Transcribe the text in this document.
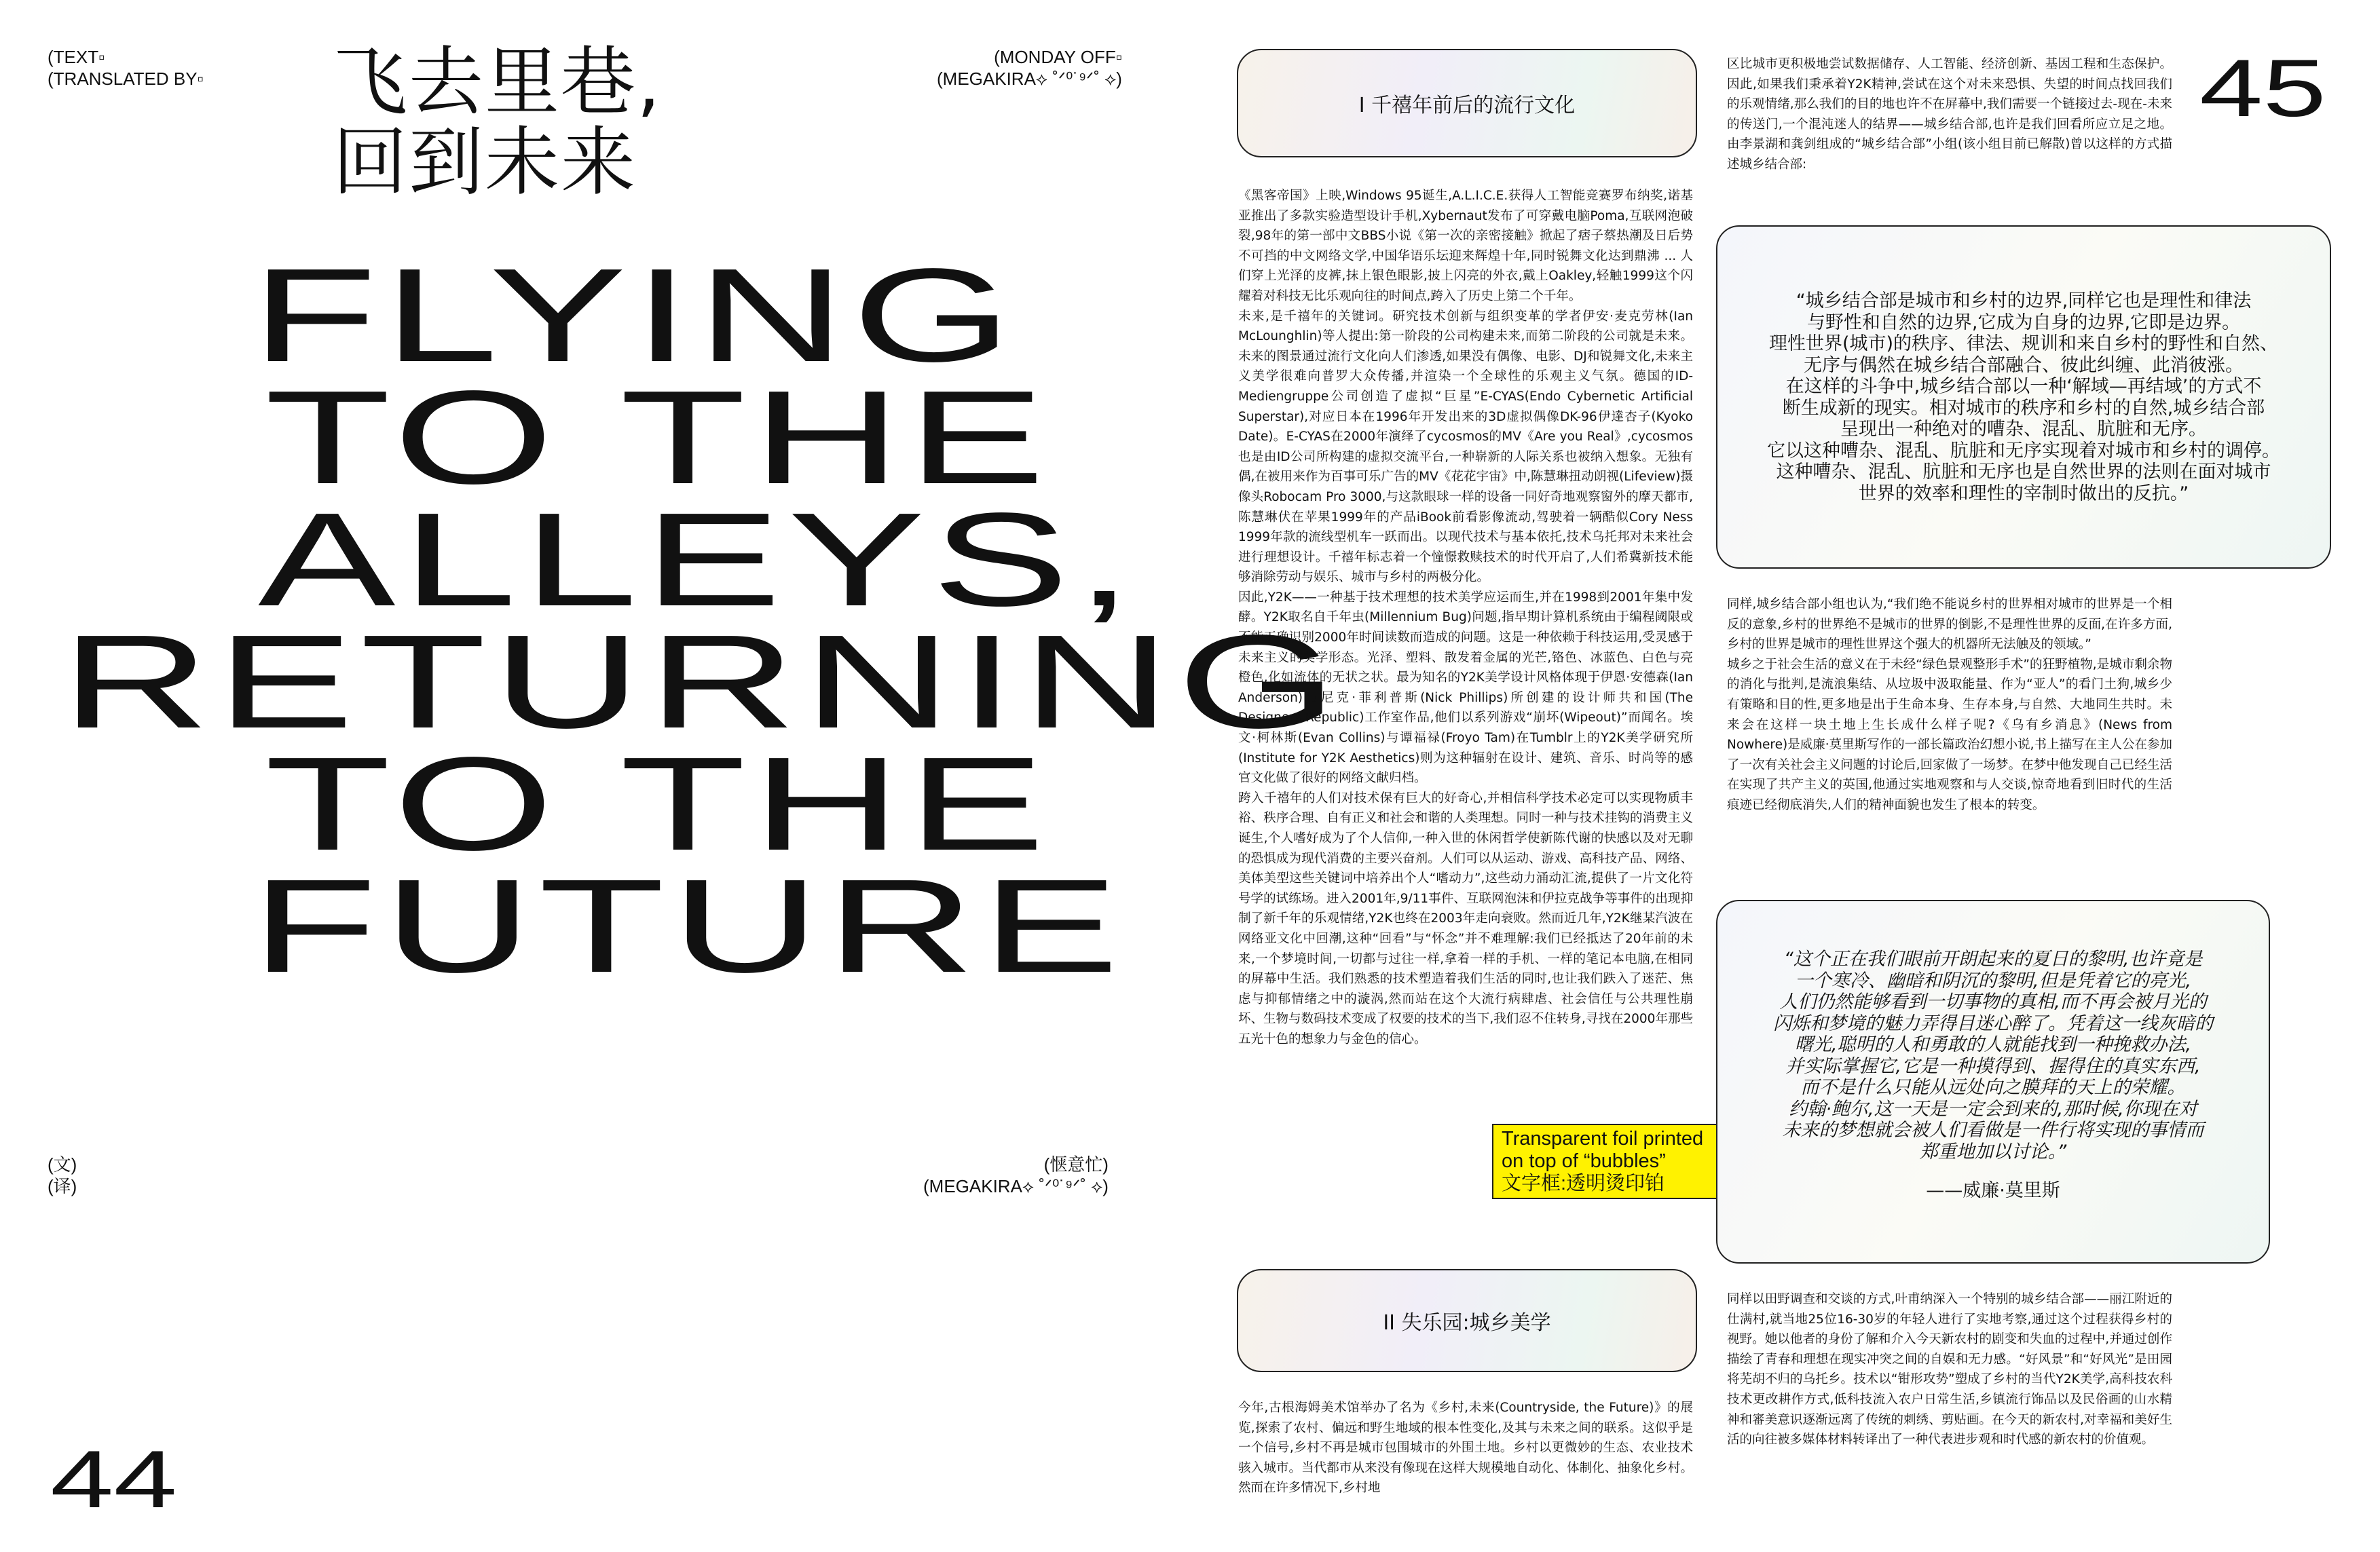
(TEXT▫
(TRANSLATED BY▫
(MONDAY OFF▫
(MEGAKIRA⟡ ˚ᐟ⁰˙⁹ᐟ˚ ⟡)
飞去里巷,
回到未来
FLYING
TO THE
ALLEYS,
RETURNING
TO THE
FUTURE
(文)
(译)
(惬意忙)
(MEGAKIRA⟡ ˚ᐟ⁰˙⁹ᐟ˚ ⟡)
44
45
I 千禧年前后的流行文化

《黑客帝国》上映,Windows 95诞生,A.L.I.C.E.获得人工智能竞赛罗布纳奖,诺基亚推出了多款实验造型设计手机,Xybernaut发布了可穿戴电脑Poma,互联网泡破裂,98年的第一部中文BBS小说《第一次的亲密接触》掀起了痞子蔡热潮及日后势不可挡的中文网络文学,中国华语乐坛迎来辉煌十年,同时锐舞文化达到鼎沸 ... 人们穿上光泽的皮裤,抹上银色眼影,披上闪亮的外衣,戴上Oakley,轻触1999这个闪耀着对科技无比乐观向往的时间点,跨入了历史上第二个千年。

未来,是千禧年的关键词。研究技术创新与组织变革的学者伊安·麦克劳林(Ian McLounghlin)等人提出:第一阶段的公司构建未来,而第二阶段的公司就是未来。未来的图景通过流行文化向人们渗透,如果没有偶像、电影、DJ和锐舞文化,未来主义美学很难向普罗大众传播,并渲染一个全球性的乐观主义气氛。德国的ID-Mediengruppe公司创造了虚拟“巨星”E-CYAS(Endo Cybernetic Artificial Superstar),对应日本在1996年开发出来的3D虚拟偶像DK-96伊達杏子(Kyoko Date)。E-CYAS在2000年演绎了cycosmos的MV《Are you Real》,cycosmos也是由ID公司所构建的虚拟交流平台,一种崭新的人际关系也被纳入想象。无独有偶,在被用来作为百事可乐广告的MV《花花宇宙》中,陈慧琳扭动朗视(Lifeview)摄像头Robocam Pro 3000,与这款眼球一样的设备一同好奇地观察窗外的摩天都市,陈慧琳伏在苹果1999年的产品iBook前看影像流动,驾驶着一辆酷似Cory Ness 1999年款的流线型机车一跃而出。以现代技术与基本依托,技术乌托邦对未来社会进行理想设计。千禧年标志着一个憧憬救赎技术的时代开启了,人们希冀新技术能够消除劳动与娱乐、城市与乡村的两极分化。

因此,Y2K——一种基于技术理想的技术美学应运而生,并在1998到2001年集中发酵。Y2K取名自千年虫(Millennium Bug)问题,指早期计算机系统由于编程阈限或不能正确识别2000年时间读数而造成的问题。这是一种依赖于科技运用,受灵感于未来主义的美学形态。光泽、塑料、散发着金属的光芒,铬色、冰蓝色、白色与亮橙色,化如流体的无状之状。最为知名的Y2K美学设计风格体现于伊恩·安德森(Ian Anderson)与尼克·菲利普斯(Nick Phillips)所创建的设计师共和国(The Designers Republic)工作室作品,他们以系列游戏“崩坏(Wipeout)”而闻名。埃文·柯林斯(Evan Collins)与谭福禄(Froyo Tam)在Tumblr上的Y2K美学研究所(Institute for Y2K Aesthetics)则为这种辐射在设计、建筑、音乐、时尚等的感官文化做了很好的网络文献归档。

跨入千禧年的人们对技术保有巨大的好奇心,并相信科学技术必定可以实现物质丰裕、秩序合理、自有正义和社会和谐的人类理想。同时一种与技术挂钩的消费主义诞生,个人嗜好成为了个人信仰,一种入世的休闲哲学使新陈代谢的快感以及对无聊的恐惧成为现代消费的主要兴奋剂。人们可以从运动、游戏、高科技产品、网络、美体美型这些关键词中培养出个人“嗜动力”,这些动力涌动汇流,提供了一片文化符号学的试练场。进入2001年,9/11事件、互联网泡沫和伊拉克战争等事件的出现抑制了新千年的乐观情绪,Y2K也终在2003年走向衰败。然而近几年,Y2K继某汽波在网络亚文化中回潮,这种“回看”与“怀念”并不难理解:我们已经抵达了20年前的未来,一个梦境时间,一切都与过往一样,拿着一样的手机、一样的笔记本电脑,在相同的屏幕中生活。我们熟悉的技术塑造着我们生活的同时,也让我们跌入了迷茫、焦虑与抑郁情绪之中的漩涡,然而站在这个大流行病肆虐、社会信任与公共理性崩坏、生物与数码技术变成了权要的技术的当下,我们忍不住转身,寻找在2000年那些五光十色的想象力与金色的信心。

Transparent foil printed
on top of “bubbles”
文字框:透明烫印铂
II 失乐园:城乡美学

今年,古根海姆美术馆举办了名为《乡村,未来(Countryside, the Future)》的展览,探索了农村、偏远和野生地域的根本性变化,及其与未来之间的联系。这似乎是一个信号,乡村不再是城市包围城市的外围土地。乡村以更微妙的生态、农业技术骇入城市。当代都市从来没有像现在这样大规模地自动化、体制化、抽象化乡村。然而在许多情况下,乡村地

区比城市更积极地尝试数据储存、人工智能、经济创新、基因工程和生态保护。因此,如果我们秉承着Y2K精神,尝试在这个对未来恐惧、失望的时间点找回我们的乐观情绪,那么我们的目的地也许不在屏幕中,我们需要一个链接过去-现在-未来的传送门,一个混沌迷人的结界——城乡结合部,也许是我们回看所应立足之地。由李景湖和龚剑组成的“城乡结合部”小组(该小组目前已解散)曾以这样的方式描述城乡结合部:

“城乡结合部是城市和乡村的边界,同样它也是理性和律法
与野性和自然的边界,它成为自身的边界,它即是边界。
理性世界(城市)的秩序、律法、规训和来自乡村的野性和自然、
无序与偶然在城乡结合部融合、彼此纠缠、此消彼涨。
在这样的斗争中,城乡结合部以一种‘解域—再结域’的方式不
断生成新的现实。相对城市的秩序和乡村的自然,城乡结合部
呈现出一种绝对的嘈杂、混乱、肮脏和无序。
它以这种嘈杂、混乱、肮脏和无序实现着对城市和乡村的调停。
这种嘈杂、混乱、肮脏和无序也是自然世界的法则在面对城市
世界的效率和理性的宰制时做出的反抗。”

同样,城乡结合部小组也认为,“我们绝不能说乡村的世界相对城市的世界是一个相反的意象,乡村的世界绝不是城市的世界的倒影,不是理性世界的反面,在许多方面,乡村的世界是城市的理性世界这个强大的机器所无法触及的领域。”

城乡之于社会生活的意义在于未经“绿色景观整形手术”的狂野植物,是城市剩余物的消化与批判,是流浪集结、从垃圾中汲取能量、作为“亚人”的看门土狗,城乡少有策略和目的性,更多地是出于生命本身、生存本身,与自然、大地同生共时。未来会在这样一块土地上生长成什么样子呢?《乌有乡消息》(News from Nowhere)是威廉·莫里斯写作的一部长篇政治幻想小说,书上描写在主人公在参加了一次有关社会主义问题的讨论后,回家做了一场梦。在梦中他发现自己已经生活在实现了共产主义的英国,他通过实地观察和与人交谈,惊奇地看到旧时代的生活痕迹已经彻底消失,人们的精神面貌也发生了根本的转变。

“这个正在我们眼前开朗起来的夏日的黎明,也许竟是
一个寒冷、幽暗和阴沉的黎明,但是凭着它的亮光,
人们仍然能够看到一切事物的真相,而不再会被月光的
闪烁和梦境的魅力弄得目迷心醉了。凭着这一线灰暗的
曙光,聪明的人和勇敢的人就能找到一种挽救办法,
并实际掌握它,它是一种摸得到、握得住的真实东西,
而不是什么只能从远处向之膜拜的天上的荣耀。
约翰·鲍尔,这一天是一定会到来的,那时候,你现在对
未来的梦想就会被人们看做是一件行将实现的事情而
郑重地加以讨论。”
——威廉·莫里斯

同样以田野调查和交谈的方式,叶甫纳深入一个特别的城乡结合部——丽江附近的仕满村,就当地25位16-30岁的年轻人进行了实地考察,通过这个过程获得乡村的视野。她以他者的身份了解和介入今天新农村的剧变和失血的过程中,并通过创作描绘了青春和理想在现实冲突之间的自娱和无力感。“好风景”和“好风光”是田园将芜胡不归的乌托乡。技术以“钳形攻势”塑成了乡村的当代Y2K美学,高科技农科技术更改耕作方式,低科技流入农户日常生活,乡镇流行饰品以及民俗画的山水精神和審美意识逐渐远离了传统的刺绣、剪贴画。在今天的新农村,对幸福和美好生活的向往被多媒体材料转译出了一种代表进步观和时代感的新农村的价值观。
